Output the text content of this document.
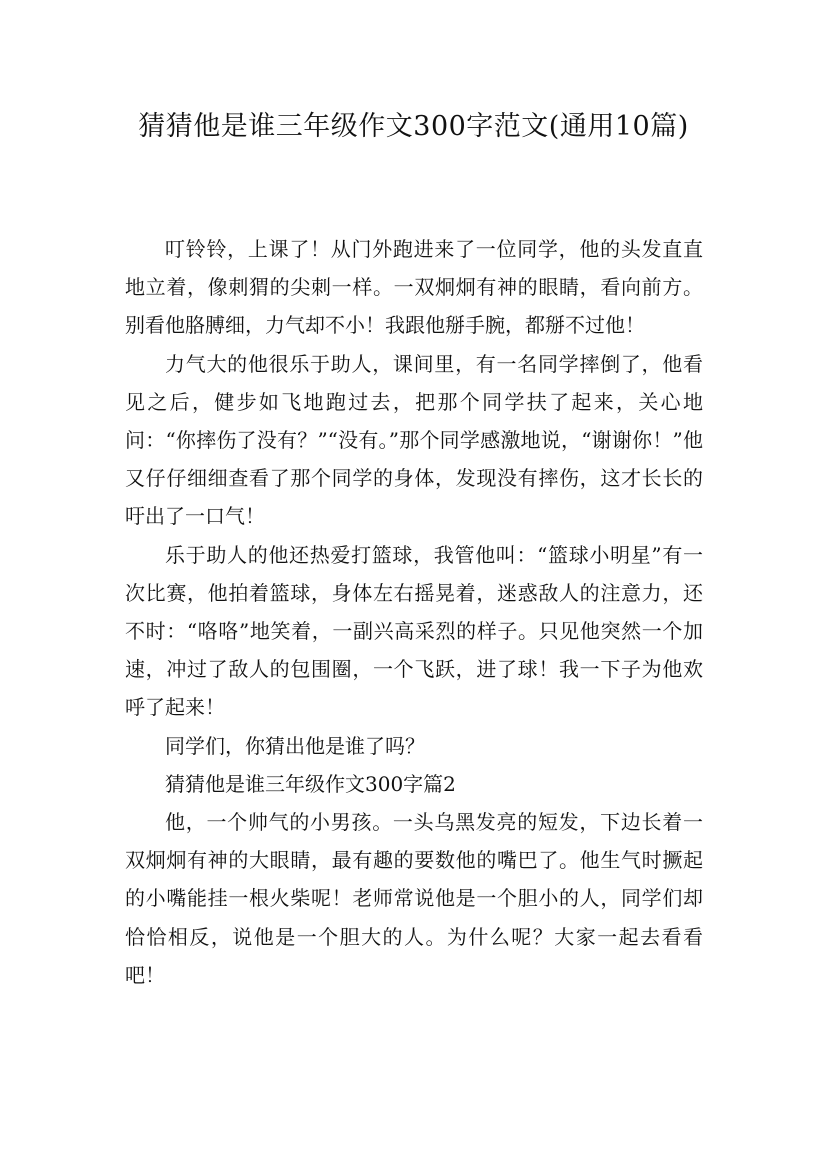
猜猜他是谁三年级作文300字范文(通用10篇)

叮铃铃，上课了！从门外跑进来了一位同学，他的头发直直地立着，像刺猬的尖刺一样。一双炯炯有神的眼睛，看向前方。别看他胳膊细，力气却不小！我跟他掰手腕，都掰不过他！

力气大的他很乐于助人，课间里，有一名同学摔倒了，他看见之后，健步如飞地跑过去，把那个同学扶了起来，关心地问：“你摔伤了没有？”“没有。”那个同学感激地说，“谢谢你！”他又仔仔细细查看了那个同学的身体，发现没有摔伤，这才长长的吁出了一口气！

乐于助人的他还热爱打篮球，我管他叫：“篮球小明星”有一次比赛，他拍着篮球，身体左右摇晃着，迷惑敌人的注意力，还不时：“咯咯”地笑着，一副兴高采烈的样子。只见他突然一个加速，冲过了敌人的包围圈，一个飞跃，进了球！我一下子为他欢呼了起来！

同学们，你猜出他是谁了吗？

猜猜他是谁三年级作文300字篇2

他，一个帅气的小男孩。一头乌黑发亮的短发，下边长着一双炯炯有神的大眼睛，最有趣的要数他的嘴巴了。他生气时撅起的小嘴能挂一根火柴呢！老师常说他是一个胆小的人，同学们却恰恰相反，说他是一个胆大的人。为什么呢？大家一起去看看吧！
